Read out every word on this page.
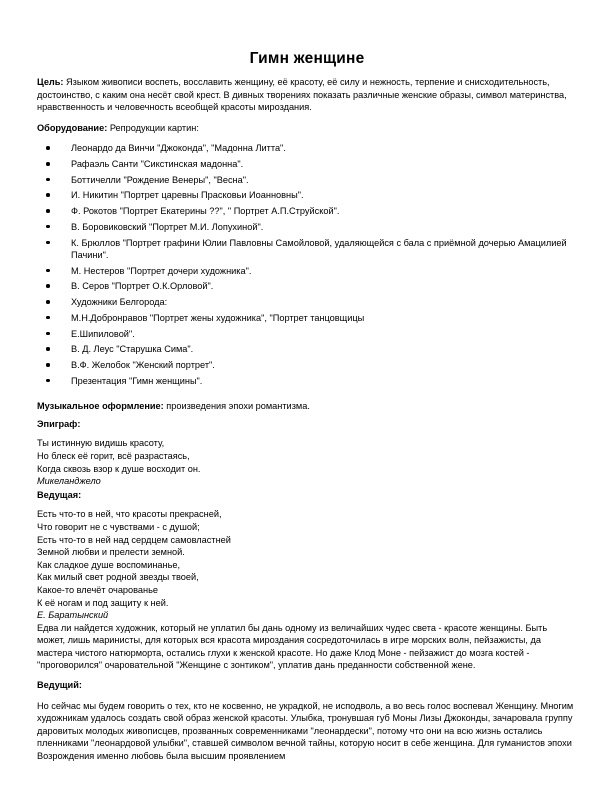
Гимн женщине

Цель: Языком живописи воспеть, восславить женщину, её красоту, её силу и нежность, терпение и снисходительность, достоинство, с каким она несёт свой крест. В дивных творениях показать различные женские образы, символ материнства, нравственность и человечность всеобщей красоты мироздания.

Оборудование: Репродукции картин:

Леонардо да Винчи "Джоконда", "Мадонна Литта".
Рафаэль Санти "Сикстинская мадонна".
Боттичелли "Рождение Венеры", "Весна".
И. Никитин "Портрет царевны Прасковьи Иоанновны".
Ф. Рокотов "Портрет Екатерины ??", " Портрет А.П.Струйской".
В. Боровиковский "Портрет М.И. Лопухиной".
К. Брюллов "Портрет графини Юлии Павловны Самойловой, удаляющейся с бала с приёмной дочерью Амацилией Пачини".
М. Нестеров "Портрет дочери художника".
В. Серов "Портрет О.К.Орловой".
Художники Белгорода:
М.Н.Добронравов "Портрет жены художника", "Портрет танцовщицы
Е.Шипиловой".
В. Д. Леус "Старушка Сима".
В.Ф. Желобок "Женский портрет".
Презентация "Гимн женщины".

Музыкальное оформление: произведения эпохи романтизма.

Эпиграф:

Ты истинную видишь красоту,

Но блеск её горит, всё разрастаясь,

Когда сквозь взор к душе восходит он.

Микеланджело

Ведущая:

Есть что-то в ней, что красоты прекрасней,

Что говорит не с чувствами - с душой;

Есть что-то в ней над сердцем самовластней

Земной любви и прелести земной.

Как сладкое душе воспоминанье,

Как милый свет родной звезды твоей,

Какое-то влечёт очарованье

К её ногам и под защиту к ней.

Е. Баратынский

Едва ли найдется художник, который не уплатил бы дань одному из величайших чудес света - красоте женщины. Быть может, лишь маринисты, для которых вся красота мироздания сосредоточилась в игре морских волн, пейзажисты, да мастера чистого натюрморта, остались глухи к женской красоте. Но даже Клод Моне - пейзажист до мозга костей - "проговорился" очаровательной "Женщине с зонтиком", уплатив дань преданности собственной жене.

Ведущий:

Но сейчас мы будем говорить о тех, кто не косвенно, не украдкой, не исподволь, а во весь голос воспевал Женщину. Многим художникам удалось создать свой образ женской красоты. Улыбка, тронувшая губ Моны Лизы Джоконды, зачаровала группу даровитых молодых живописцев, прозванных современниками "леонардески", потому что они на всю жизнь остались пленниками "леонардовой улыбки", ставшей символом вечной тайны, которую носит в себе женщина. Для гуманистов эпохи Возрождения именно любовь была высшим проявлением
